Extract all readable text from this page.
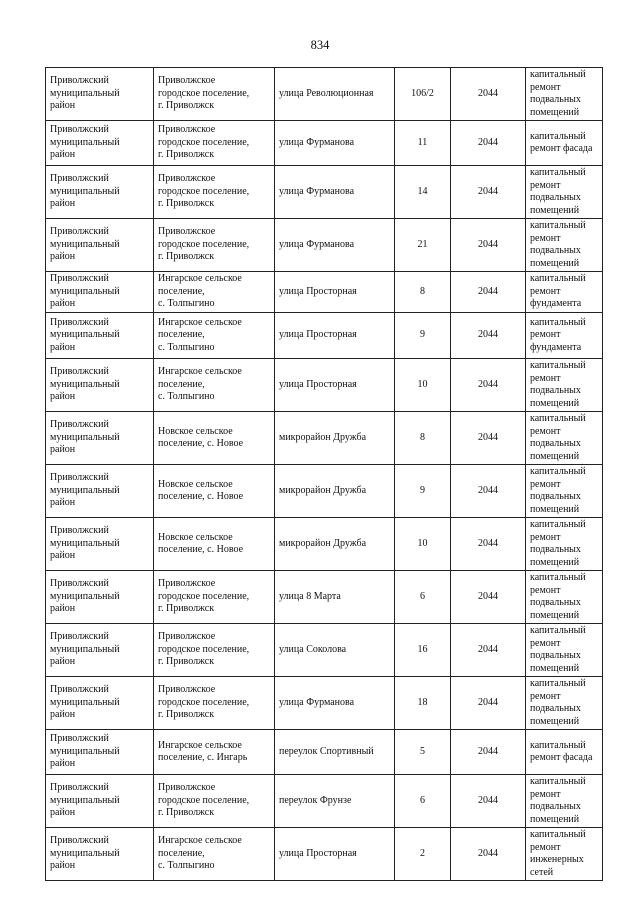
834
Приволжский
муниципальный
район	Приволжское
городское поселение,
г. Приволжск	улица Революционная	106/2	2044	капитальный
ремонт
подвальных
помещений
Приволжский
муниципальный
район	Приволжское
городское поселение,
г. Приволжск	улица Фурманова	11	2044	капитальный
ремонт фасада
Приволжский
муниципальный
район	Приволжское
городское поселение,
г. Приволжск	улица Фурманова	14	2044	капитальный
ремонт
подвальных
помещений
Приволжский
муниципальный
район	Приволжское
городское поселение,
г. Приволжск	улица Фурманова	21	2044	капитальный
ремонт
подвальных
помещений
Приволжский
муниципальный
район	Ингарское сельское
поселение,
с. Толпыгино	улица Просторная	8	2044	капитальный
ремонт
фундамента
Приволжский
муниципальный
район	Ингарское сельское
поселение,
с. Толпыгино	улица Просторная	9	2044	капитальный
ремонт
фундамента
Приволжский
муниципальный
район	Ингарское сельское
поселение,
с. Толпыгино	улица Просторная	10	2044	капитальный
ремонт
подвальных
помещений
Приволжский
муниципальный
район	Новское сельское
поселение, с. Новое	микрорайон Дружба	8	2044	капитальный
ремонт
подвальных
помещений
Приволжский
муниципальный
район	Новское сельское
поселение, с. Новое	микрорайон Дружба	9	2044	капитальный
ремонт
подвальных
помещений
Приволжский
муниципальный
район	Новское сельское
поселение, с. Новое	микрорайон Дружба	10	2044	капитальный
ремонт
подвальных
помещений
Приволжский
муниципальный
район	Приволжское
городское поселение,
г. Приволжск	улица 8 Марта	6	2044	капитальный
ремонт
подвальных
помещений
Приволжский
муниципальный
район	Приволжское
городское поселение,
г. Приволжск	улица Соколова	16	2044	капитальный
ремонт
подвальных
помещений
Приволжский
муниципальный
район	Приволжское
городское поселение,
г. Приволжск	улица Фурманова	18	2044	капитальный
ремонт
подвальных
помещений
Приволжский
муниципальный
район	Ингарское сельское
поселение, с. Ингарь	переулок Спортивный	5	2044	капитальный
ремонт фасада
Приволжский
муниципальный
район	Приволжское
городское поселение,
г. Приволжск	переулок Фрунзе	6	2044	капитальный
ремонт
подвальных
помещений
Приволжский
муниципальный
район	Ингарское сельское
поселение,
с. Толпыгино	улица Просторная	2	2044	капитальный
ремонт
инженерных
сетей
